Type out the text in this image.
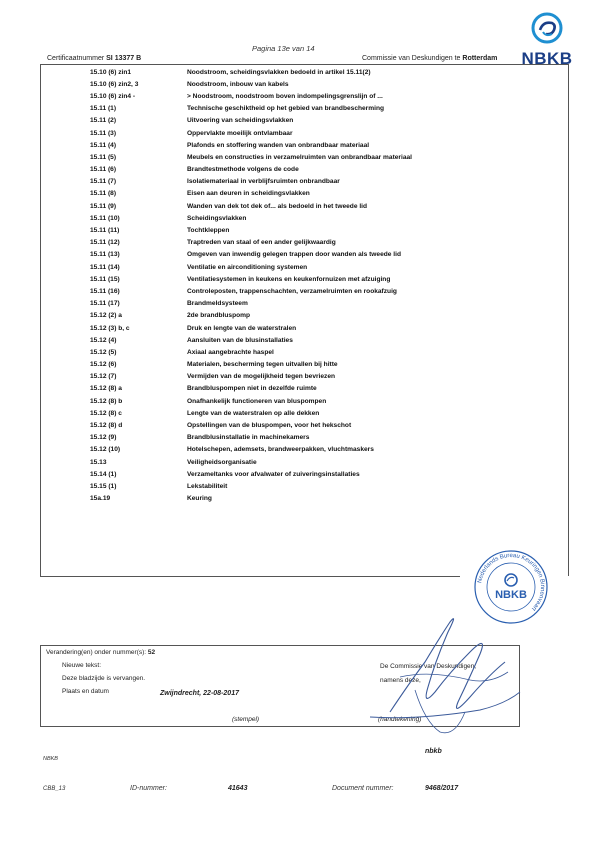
NBKB
Pagina 13e van 14
Certificaatnummer SI 13377 B	Commissie van Deskundigen te Rotterdam
15.10 (6) zin1	Noodstroom, scheidingsvlakken bedoeld in artikel 15.11(2)
15.10 (6) zin2, 3	Noodstroom, inbouw van kabels
15.10 (6) zin4 -	> Noodstroom, noodstroom boven indompelingsgrenslijn of ...
15.11 (1)	Technische geschiktheid op het gebied van brandbescherming
15.11 (2)	Uitvoering van scheidingsvlakken
15.11 (3)	Oppervlakte moeilijk ontvlambaar
15.11 (4)	Plafonds en stoffering wanden van onbrandbaar materiaal
15.11 (5)	Meubels en constructies in verzamelruimten van onbrandbaar materiaal
15.11 (6)	Brandtestmethode volgens de code
15.11 (7)	Isolatiemateriaal in verblijfsruimten onbrandbaar
15.11 (8)	Eisen aan deuren in scheidingsvlakken
15.11 (9)	Wanden van dek tot dek of... als bedoeld in het tweede lid
15.11 (10)	Scheidingsvlakken
15.11 (11)	Tochtkleppen
15.11 (12)	Traptreden van staal of een ander gelijkwaardig
15.11 (13)	Omgeven van inwendig gelegen trappen door wanden als tweede lid
15.11 (14)	Ventilatie en airconditioning systemen
15.11 (15)	Ventilatiesystemen in keukens en keukenfornuizen met afzuiging
15.11 (16)	Controleposten, trappenschachten, verzamelruimten en rookafzuig
15.11 (17)	Brandmeldsysteem
15.12 (2) a	2de brandbluspomp
15.12 (3) b, c	Druk en lengte van de waterstralen
15.12 (4)	Aansluiten van de blusinstallaties
15.12 (5)	Axiaal aangebrachte haspel
15.12 (6)	Materialen, bescherming tegen uitvallen bij hitte
15.12 (7)	Vermijden van de mogelijkheid tegen bevriezen
15.12 (8) a	Brandbluspompen niet in dezelfde ruimte
15.12 (8) b	Onafhankelijk functioneren van bluspompen
15.12 (8) c	Lengte van de waterstralen op alle dekken
15.12 (8) d	Opstellingen van de bluspompen, voor het hekschot
15.12 (9)	Brandblusinstallatie in machinekamers
15.12 (10)	Hotelschepen, ademsets, brandweerpakken, vluchtmaskers
15.13	Veiligheidsorganisatie
15.14 (1)	Verzameltanks voor afvalwater of zuiveringsinstallaties
15.15 (1)	Lekstabiliteit
15a.19	Keuring
Nederlands Bureau Keuringen Binnenvaart
NBKB
Verandering(en) onder nummer(s): 52
Nieuwe tekst:
Deze bladzijde is vervangen.
Plaats en datum	Zwijndrecht, 22-08-2017
(stempel)
De Commissie van Deskundigen,
namens deze,
(handtekening)
NBKB
nbkb
CBB_13	ID-nummer:	41643	Document nummer:	9468/2017
